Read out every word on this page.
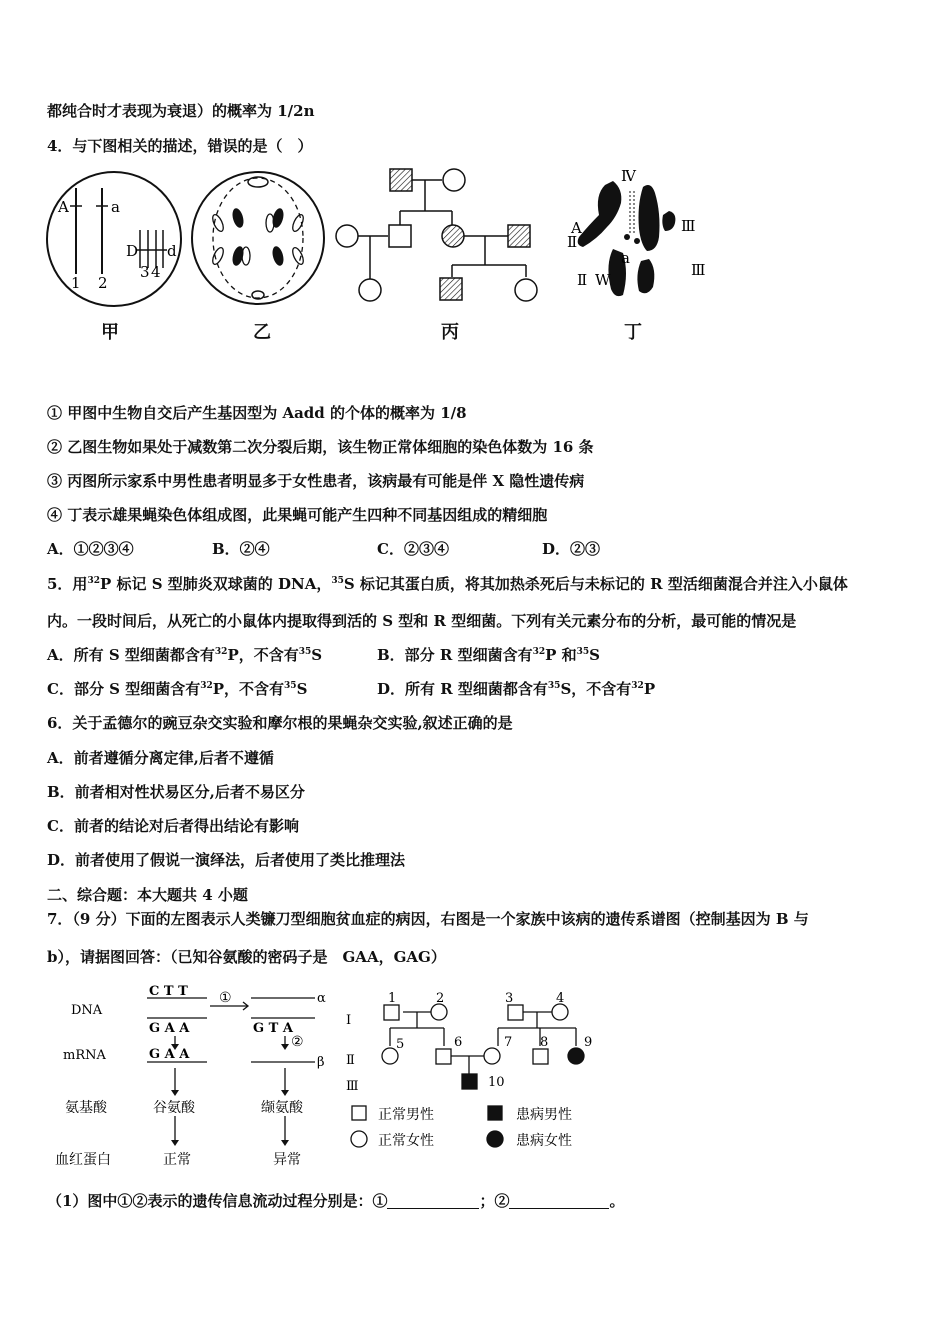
都纯合时才表现为衰退）的概率为 1/2n
4．与下图相关的描述，错误的是（　）
A	a
D d
1 2
3 4
Ⅳ
Ⅱ
A	Ⅲ
a
Ⅱ W
Ⅲ
甲	乙	丙	丁
① 甲图中生物自交后产生基因型为 Aadd 的个体的概率为 1/8
② 乙图生物如果处于减数第二次分裂后期，该生物正常体细胞的染色体数为 16 条
③ 丙图所示家系中男性患者明显多于女性患者，该病最有可能是伴 X 隐性遗传病
④ 丁表示雄果蝇染色体组成图，此果蝇可能产生四种不同基因组成的精细胞
A．①②③④	B．②④	C．②③④	D．②③
5．用$^{32}$P 标记 S 型肺炎双球菌的 DNA，$^{35}$S 标记其蛋白质，将其加热杀死后与未标记的 R 型活细菌混合并注入小鼠体
内。一段时间后，从死亡的小鼠体内提取得到活的 S 型和 R 型细菌。下列有关元素分布的分析，最可能的情况是
A．所有 S 型细菌都含有$^{32}$P，不含有$^{35}$S	B．部分 R 型细菌含有$^{32}$P 和$^{35}$S
C．部分 S 型细菌含有$^{32}$P，不含有$^{35}$S	D．所有 R 型细菌都含有$^{35}$S，不含有$^{32}$P
6．关于孟德尔的豌豆杂交实验和摩尔根的果蝇杂交实验,叙述正确的是
A．前者遵循分离定律,后者不遵循
B．前者相对性状易区分,后者不易区分
C．前者的结论对后者得出结论有影响
D．前者使用了假说一演绎法，后者使用了类比推理法
二、综合题：本大题共 4 小题
7．（9 分）下面的左图表示人类镰刀型细胞贫血症的病因，右图是一个家族中该病的遗传系谱图（控制基因为 B 与
b），请据图回答：（已知谷氨酸的密码子是　GAA，GAG）
DNA
mRNA
氨基酸
血红蛋白
C T T
G A A
G A A
G T A
①
②
α
β
谷氨酸	缬氨酸
正常	异常
Ⅰ
Ⅱ
Ⅲ
1	2	3	4
5	6	7 8	9
10
正常男性	患病男性
正常女性	患病女性
（1）图中①②表示的遗传信息流动过程分别是：①	；②	。
